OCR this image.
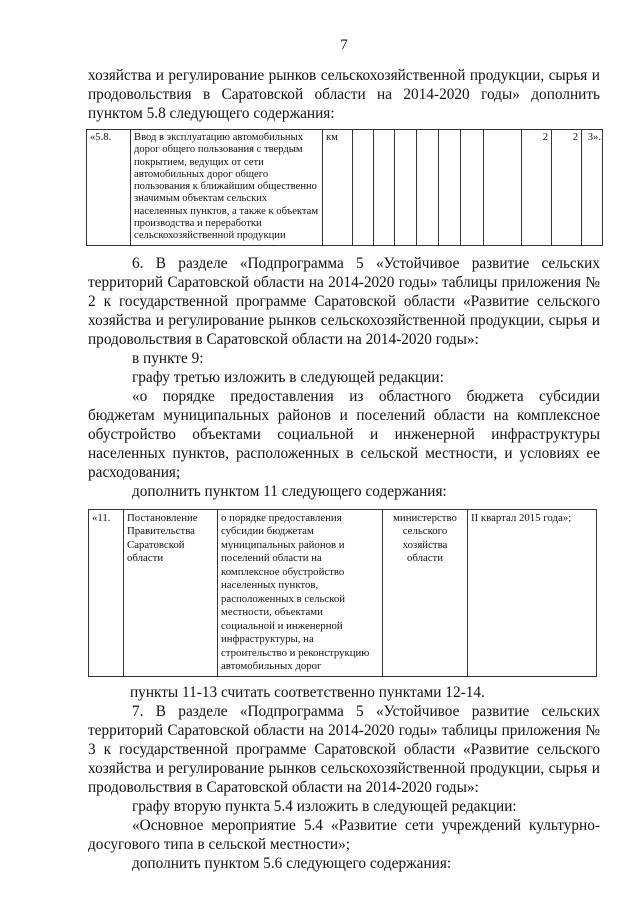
7
хозяйства и регулирование рынков сельскохозяйственной продукции, сырья и продовольствия в Саратовской области на 2014-2020 годы» дополнить пунктом 5.8 следующего содержания:
«5.8.	Ввод в эксплуатацию автомобильных дорог общего пользования с твердым покрытием, ведущих от сети автомобильных дорог общего пользования к ближайшим общественно значимым объектам сельских населенных пунктов, а также к объектам производства и переработки сельскохозяйственной продукции	км								2	2	3».
6. В разделе «Подпрограмма 5 «Устойчивое развитие сельских территорий Саратовской области на 2014-2020 годы» таблицы приложения № 2 к государственной программе Саратовской области «Развитие сельского хозяйства и регулирование рынков сельскохозяйственной продукции, сырья и продовольствия в Саратовской области на 2014-2020 годы»:
в пункте 9:
графу третью изложить в следующей редакции:
«о порядке предоставления из областного бюджета субсидии бюджетам муниципальных районов и поселений области на комплексное обустройство объектами социальной и инженерной инфраструктуры населенных пунктов, расположенных в сельской местности, и условиях ее расходования;
дополнить пунктом 11 следующего содержания:
«11.	Постановление Правительства Саратовской области	о порядке предоставления субсидии бюджетам муниципальных районов и поселений области на комплексное обустройство населенных пунктов, расположенных в сельской местности, объектами социальной и инженерной инфраструктуры, на строительство и реконструкцию автомобильных дорог	министерство сельского хозяйства области	II квартал 2015 года»;
пункты 11-13 считать соответственно пунктами 12-14.
7. В разделе «Подпрограмма 5 «Устойчивое развитие сельских территорий Саратовской области на 2014-2020 годы» таблицы приложения № 3 к государственной программе Саратовской области «Развитие сельского хозяйства и регулирование рынков сельскохозяйственной продукции, сырья и продовольствия в Саратовской области на 2014-2020 годы»:
графу вторую пункта 5.4 изложить в следующей редакции:
«Основное мероприятие 5.4 «Развитие сети учреждений культурно-досугового типа в сельской местности»;
дополнить пунктом 5.6 следующего содержания:
